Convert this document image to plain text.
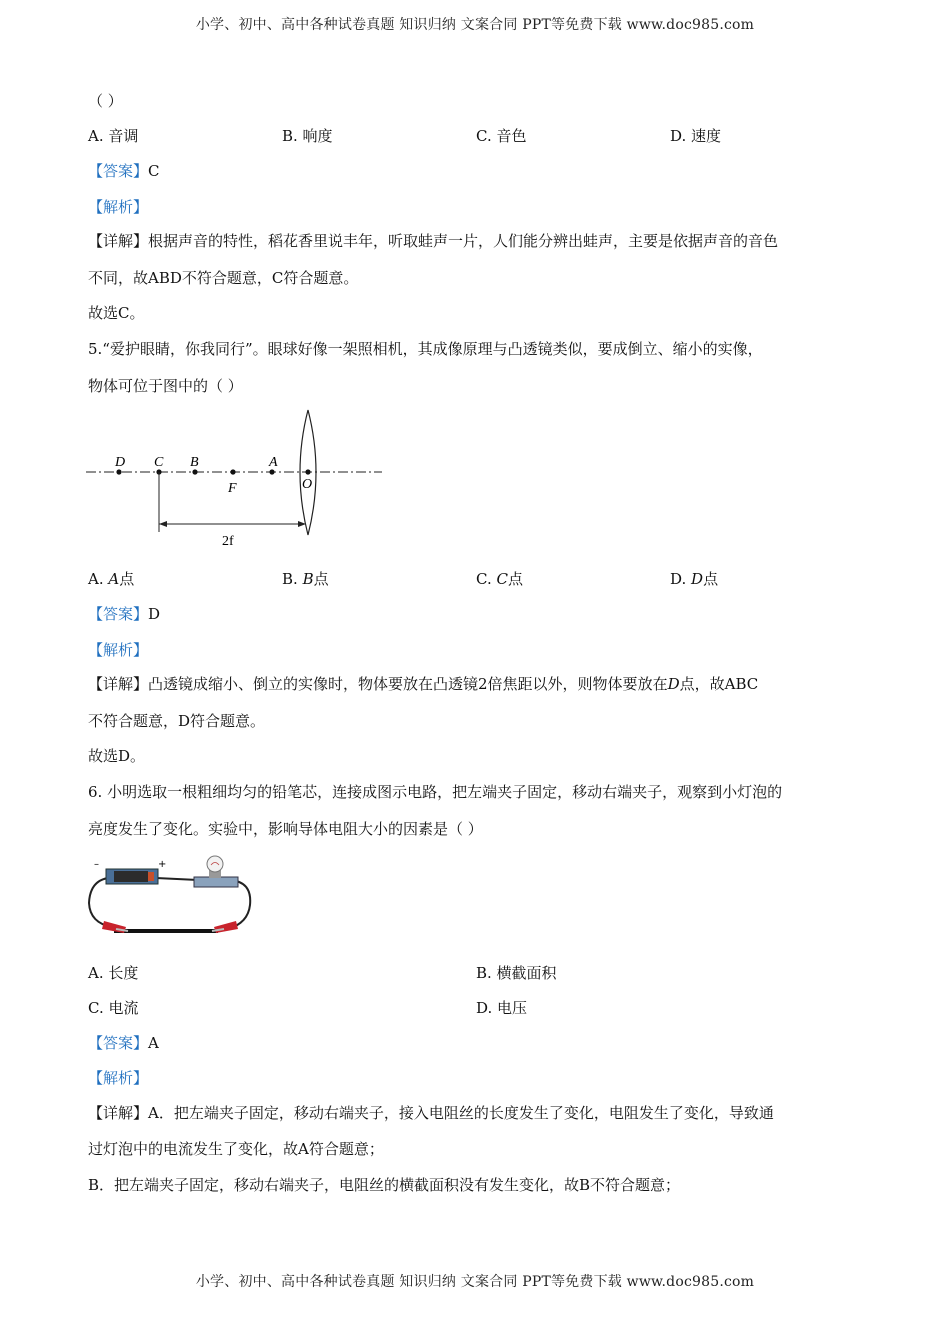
小学、初中、高中各种试卷真题 知识归纳 文案合同 PPT等免费下载 www.doc985.com
（ ）
A. 音调	B. 响度	C. 音色	D. 速度
【答案】C
【解析】
【详解】根据声音的特性，稻花香里说丰年，听取蛙声一片，人们能分辨出蛙声，主要是依据声音的音色
不同，故ABD不符合题意，C符合题意。
故选C。
5.“爱护眼睛，你我同行”。眼球好像一架照相机，其成像原理与凸透镜类似，要成倒立、缩小的实像，
物体可位于图中的（ ）
D C B	A
F	O
2f
A. A点	B. B点	C. C点	D. D点
【答案】D
【解析】
【详解】凸透镜成缩小、倒立的实像时，物体要放在凸透镜2倍焦距以外，则物体要放在D点，故ABC
不符合题意，D符合题意。
故选D。
6. 小明选取一根粗细均匀的铅笔芯，连接成图示电路，把左端夹子固定，移动右端夹子，观察到小灯泡的
亮度发生了变化。实验中，影响导体电阻大小的因素是（ ）
–	+
A. 长度	B. 横截面积
C. 电流	D. 电压
【答案】A
【解析】
【详解】A．把左端夹子固定，移动右端夹子，接入电阻丝的长度发生了变化，电阻发生了变化，导致通
过灯泡中的电流发生了变化，故A符合题意；
B．把左端夹子固定，移动右端夹子，电阻丝的横截面积没有发生变化，故B不符合题意；
小学、初中、高中各种试卷真题 知识归纳 文案合同 PPT等免费下载 www.doc985.com
